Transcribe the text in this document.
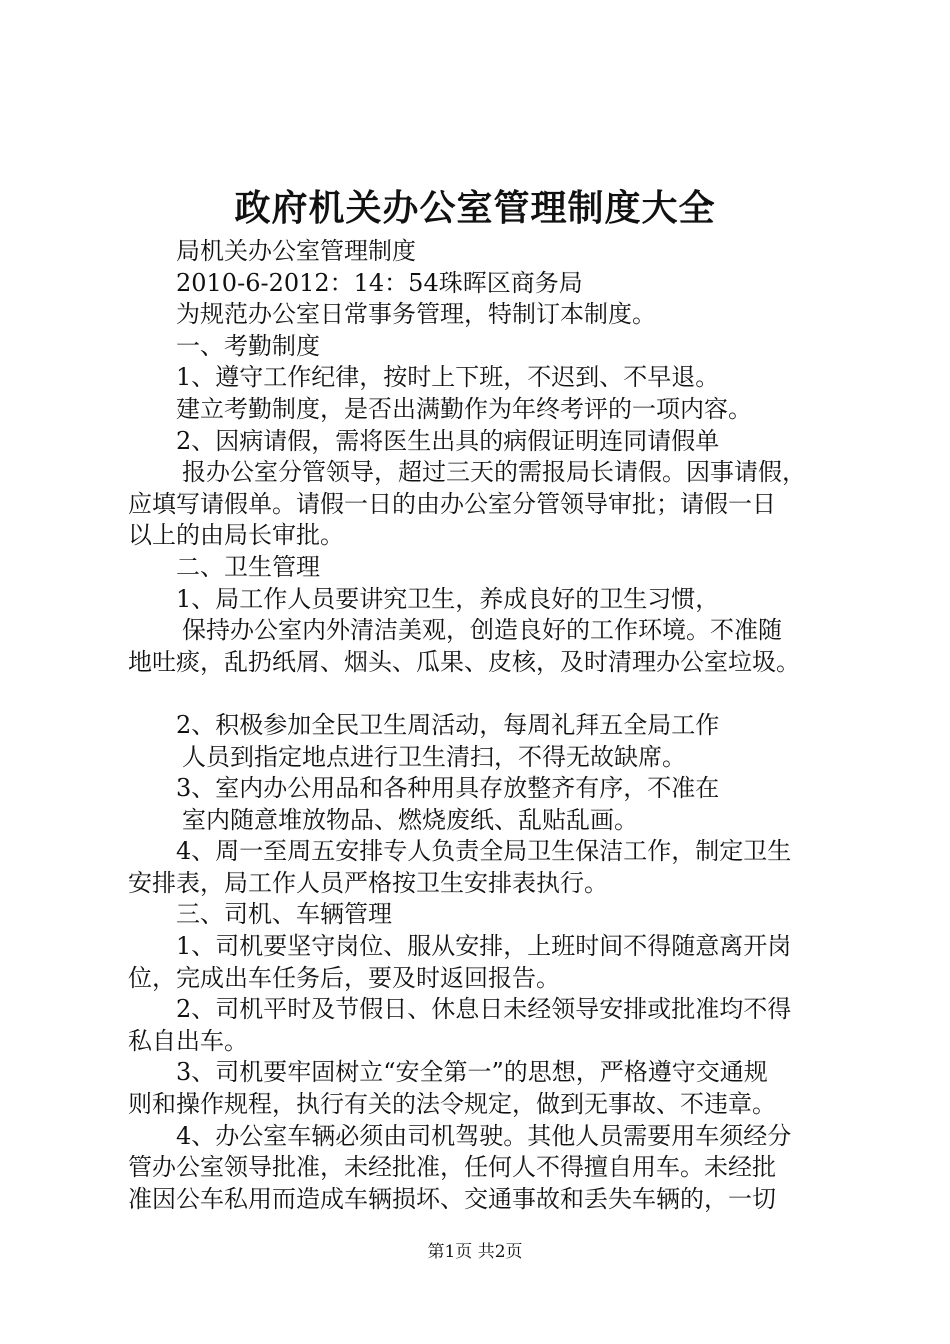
政府机关办公室管理制度大全
局机关办公室管理制度
2010-6-2012：14：54珠晖区商务局
为规范办公室日常事务管理，特制订本制度。
一、考勤制度
1、遵守工作纪律，按时上下班，不迟到、不早退。
建立考勤制度，是否出满勤作为年终考评的一项内容。
2、因病请假，需将医生出具的病假证明连同请假单
报办公室分管领导，超过三天的需报局长请假。因事请假，
应填写请假单。请假一日的由办公室分管领导审批；请假一日
以上的由局长审批。
二、卫生管理
1、局工作人员要讲究卫生，养成良好的卫生习惯，
保持办公室内外清洁美观，创造良好的工作环境。不准随
地吐痰，乱扔纸屑、烟头、瓜果、皮核，及时清理办公室垃圾。
2、积极参加全民卫生周活动，每周礼拜五全局工作
人员到指定地点进行卫生清扫，不得无故缺席。
3、室内办公用品和各种用具存放整齐有序，不准在
室内随意堆放物品、燃烧废纸、乱贴乱画。
4、周一至周五安排专人负责全局卫生保洁工作，制定卫生
安排表，局工作人员严格按卫生安排表执行。
三、司机、车辆管理
1、司机要坚守岗位、服从安排，上班时间不得随意离开岗
位，完成出车任务后，要及时返回报告。
2、司机平时及节假日、休息日未经领导安排或批准均不得
私自出车。
3、司机要牢固树立“安全第一”的思想，严格遵守交通规
则和操作规程，执行有关的法令规定，做到无事故、不违章。
4、办公室车辆必须由司机驾驶。其他人员需要用车须经分
管办公室领导批准，未经批准，任何人不得擅自用车。未经批
准因公车私用而造成车辆损坏、交通事故和丢失车辆的，一切
第1页 共2页
